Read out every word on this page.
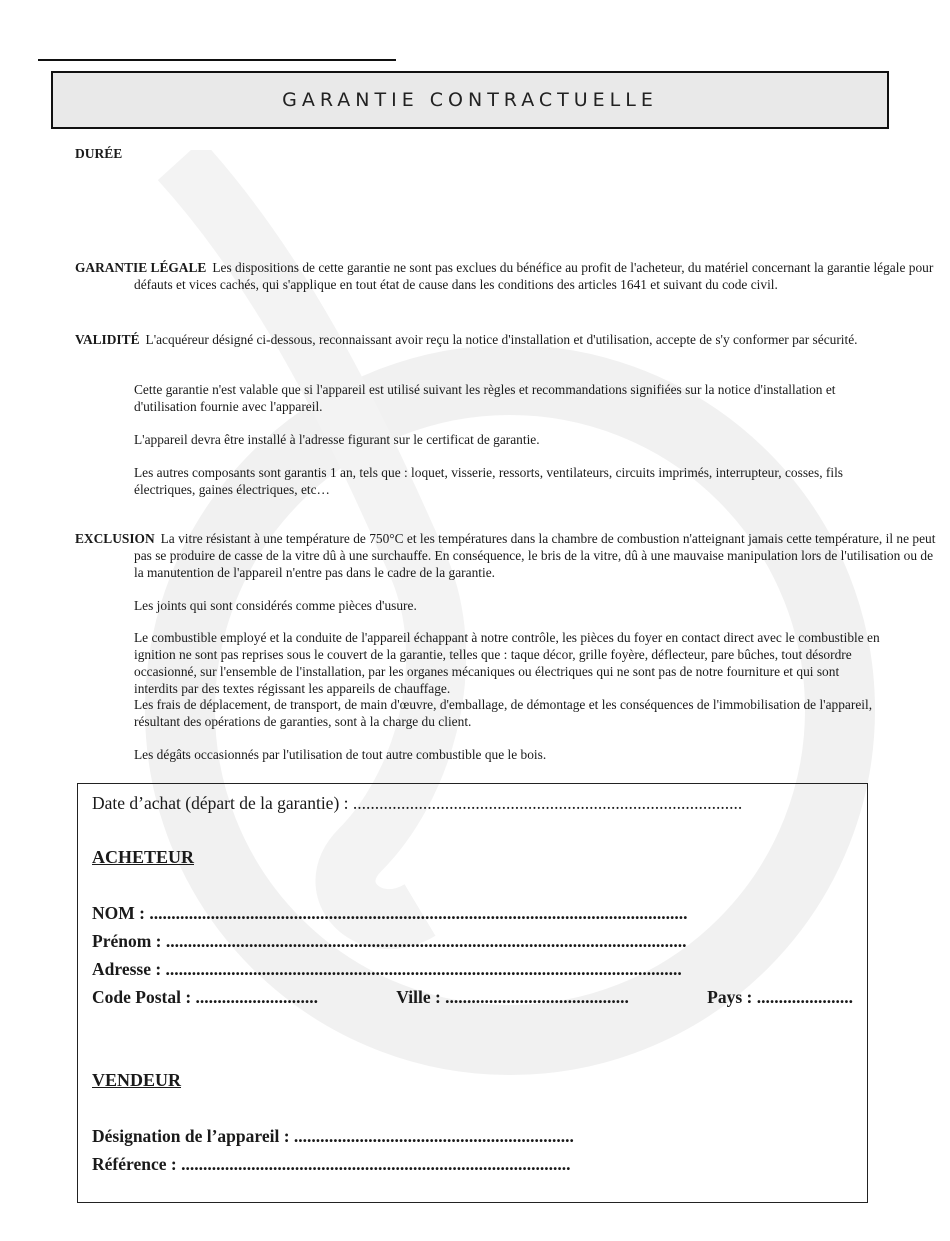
GARANTIE CONTRACTUELLE
DURÉE
GARANTIE LÉGALE Les dispositions de cette garantie ne sont pas exclues du bénéfice au profit de l'acheteur, du matériel concernant la garantie légale pour défauts et vices cachés, qui s'applique en tout état de cause dans les conditions des articles 1641 et suivant du code civil.
VALIDITÉ L'acquéreur désigné ci-dessous, reconnaissant avoir reçu la notice d'installation et d'utilisation, accepte de s'y conformer par sécurité.
Cette garantie n'est valable que si l'appareil est utilisé suivant les règles et recommandations signifiées sur la notice d'installation et d'utilisation fournie avec l'appareil.
L'appareil devra être installé à l'adresse figurant sur le certificat de garantie.
Les autres composants sont garantis 1 an, tels que : loquet, visserie, ressorts, ventilateurs, circuits imprimés, interrupteur, cosses, fils électriques, gaines électriques, etc…
EXCLUSION La vitre résistant à une température de 750°C et les températures dans la chambre de combustion n'atteignant jamais cette température, il ne peut pas se produire de casse de la vitre dû à une surchauffe. En conséquence, le bris de la vitre, dû à une mauvaise manipulation lors de l'utilisation ou de la manutention de l'appareil n'entre pas dans le cadre de la garantie.
Les joints qui sont considérés comme pièces d'usure.
Le combustible employé et la conduite de l'appareil échappant à notre contrôle, les pièces du foyer en contact direct avec le combustible en ignition ne sont pas reprises sous le couvert de la garantie, telles que : taque décor, grille foyère, déflecteur, pare bûches, tout désordre occasionné, sur l'ensemble de l'installation, par les organes mécaniques ou électriques qui ne sont pas de notre fourniture et qui sont interdits par des textes régissant les appareils de chauffage.
Les frais de déplacement, de transport, de main d'œuvre, d'emballage, de démontage et les conséquences de l'immobilisation de l'appareil, résultant des opérations de garanties, sont à la charge du client.
Les dégâts occasionnés par l'utilisation de tout autre combustible que le bois.
Date d’achat (départ de la garantie) : .........................................................................................
ACHETEUR
NOM : ...........................................................................................................................
Prénom : .......................................................................................................................
Adresse : ......................................................................................................................
Code Postal : ............................	Ville : ..........................................	Pays : ......................
VENDEUR
Désignation de l’appareil : ................................................................
Référence : .........................................................................................
